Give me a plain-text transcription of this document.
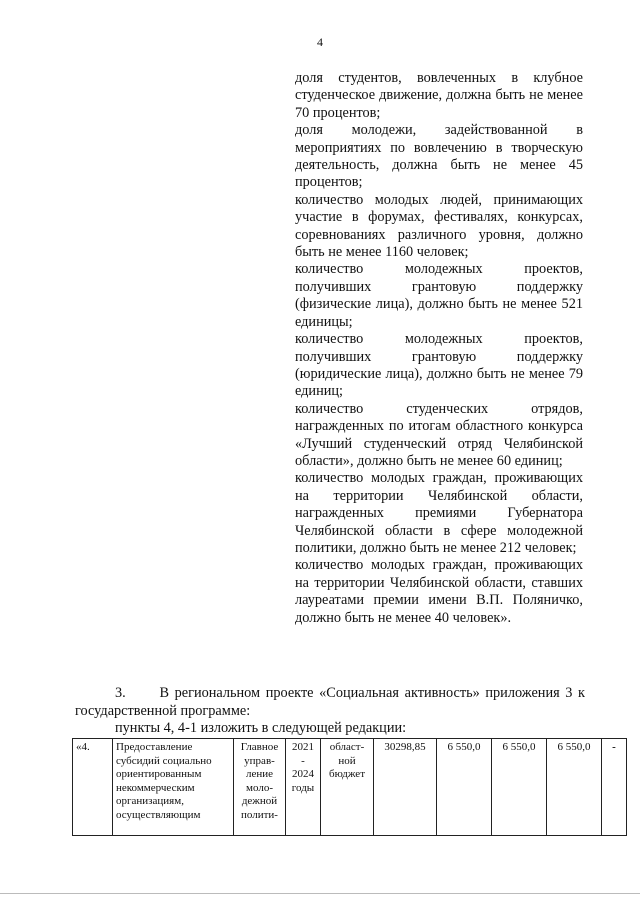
4
доля студентов, вовлеченных в клубное студенческое движение, должна быть не менее 70 процентов;
доля молодежи, задействованной в мероприятиях по вовлечению в творческую деятельность, должна быть не менее 45 процентов;
количество молодых людей, принимающих участие в форумах, фестивалях, конкурсах, соревнованиях различного уровня, должно быть не менее 1160 человек;
количество молодежных проектов, получивших грантовую поддержку (физические лица), должно быть не менее 521 единицы;
количество молодежных проектов, получивших грантовую поддержку (юридические лица), должно быть не менее 79 единиц;
количество студенческих отрядов, награжденных по итогам областного конкурса «Лучший студенческий отряд Челябинской области», должно быть не менее 60 единиц;
количество молодых граждан, проживающих на территории Челябинской области, награжденных премиями Губернатора Челябинской области в сфере молодежной политики, должно быть не менее 212 человек;
количество молодых граждан, проживающих на территории Челябинской области, ставших лауреатами премии имени В.П. Поляничко, должно быть не менее 40 человек».
3. В региональном проекте «Социальная активность» приложения 3 к государственной программе:
пункты 4, 4-1 изложить в следующей редакции:
«4.	Предоставление субсидий социально ориентированным некоммерческим организациям, осуществляющим	Главное управ-ление моло-дежной полити-	2021 - 2024 годы	област-ной бюджет	30298,85	6 550,0	6 550,0	6 550,0	-
